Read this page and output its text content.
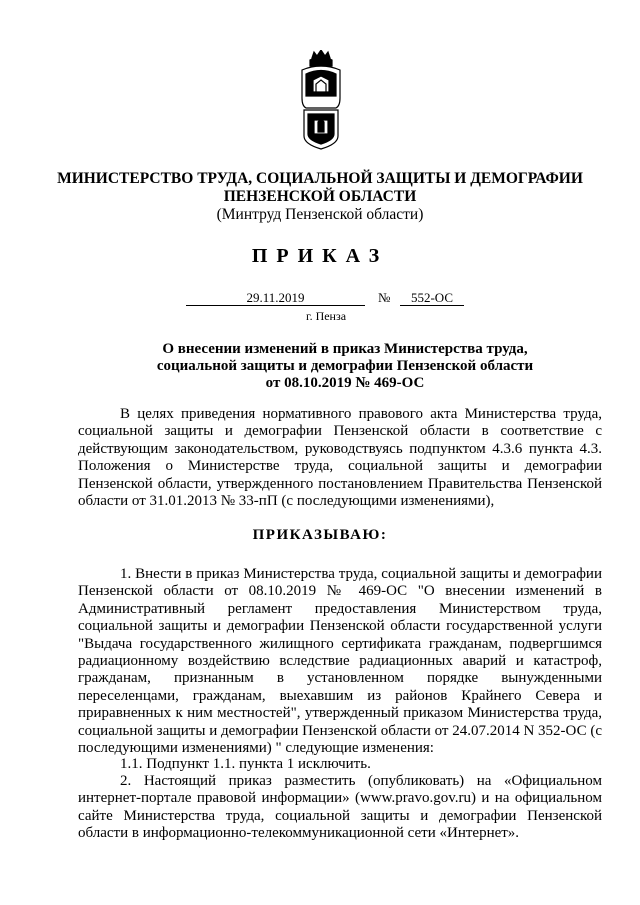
МИНИСТЕРСТВО ТРУДА, СОЦИАЛЬНОЙ ЗАЩИТЫ И ДЕМОГРАФИИ
ПЕНЗЕНСКОЙ ОБЛАСТИ
(Минтруд Пензенской области)
ПРИКАЗ
29.11.2019	№	552-ОС
г. Пенза
О внесении изменений в приказ Министерства труда,
социальной защиты и демографии Пензенской области
от 08.10.2019 № 469-ОС
В целях приведения нормативного правового акта Министерства труда, социальной защиты и демографии Пензенской области в соответствие с действующим законодательством, руководствуясь подпунктом 4.3.6 пункта 4.3. Положения о Министерстве труда, социальной защиты и демографии Пензенской области, утвержденного постановлением Правительства Пензенской области от 31.01.2013 № 33-пП (с последующими изменениями),
ПРИКАЗЫВАЮ:
1. Внести в приказ Министерства труда, социальной защиты и демографии Пензенской области от 08.10.2019 № 469-ОС "О внесении изменений в Административный регламент предоставления Министерством труда, социальной защиты и демографии Пензенской области государственной услуги "Выдача государственного жилищного сертификата гражданам, подвергшимся радиационному воздействию вследствие радиационных аварий и катастроф, гражданам, признанным в установленном порядке вынужденными переселенцами, гражданам, выехавшим из районов Крайнего Севера и приравненных к ним местностей", утвержденный приказом Министерства труда, социальной защиты и демографии Пензенской области от 24.07.2014 N 352-ОС (с последующими изменениями) " следующие изменения:
1.1. Подпункт 1.1. пункта 1 исключить.
2. Настоящий приказ разместить (опубликовать) на «Официальном интернет-портале правовой информации» (www.pravo.gov.ru) и на официальном сайте Министерства труда, социальной защиты и демографии Пензенской области в информационно-телекоммуникационной сети «Интернет».
